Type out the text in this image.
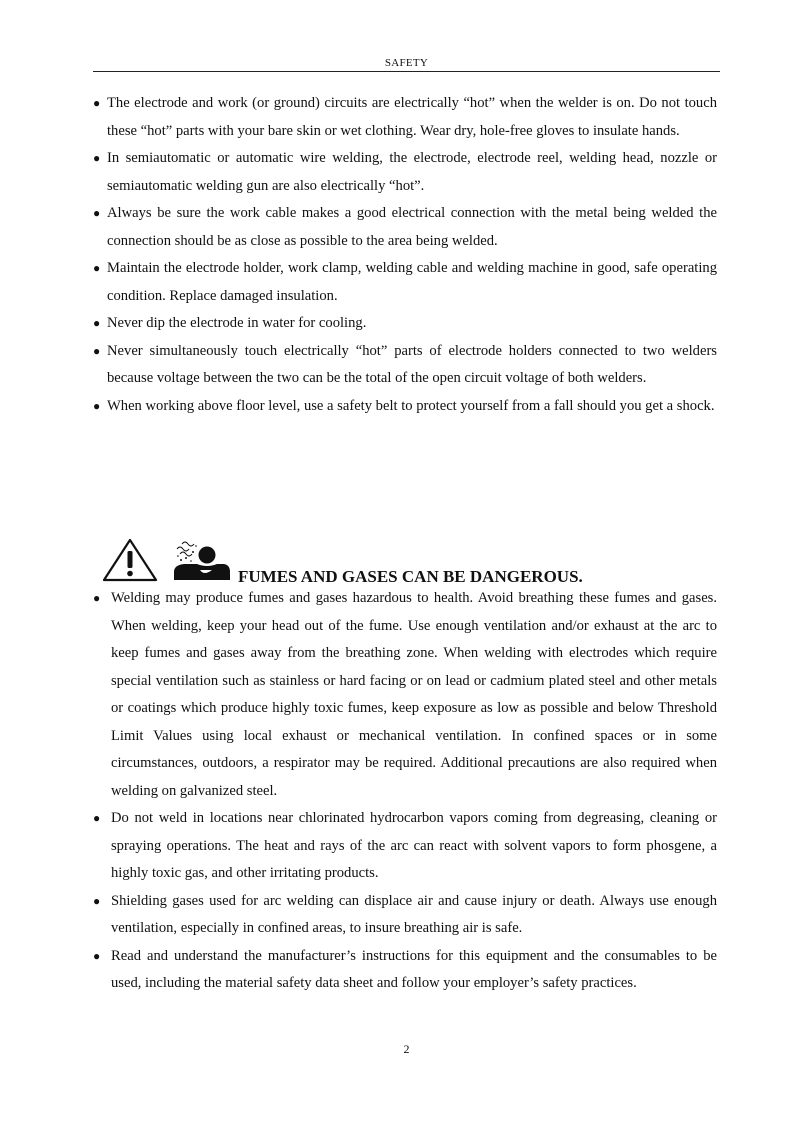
SAFETY
● The electrode and work (or ground) circuits are electrically “hot” when the welder is on. Do not touch these “hot” parts with your bare skin or wet clothing. Wear dry, hole-free gloves to insulate hands.
● In semiautomatic or automatic wire welding, the electrode, electrode reel, welding head, nozzle or semiautomatic welding gun are also electrically “hot”.
● Always be sure the work cable makes a good electrical connection with the metal being welded the connection should be as close as possible to the area being welded.
● Maintain the electrode holder, work clamp, welding cable and welding machine in good, safe operating condition. Replace damaged insulation.
● Never dip the electrode in water for cooling.
● Never simultaneously touch electrically “hot” parts of electrode holders connected to two welders because voltage between the two can be the total of the open circuit voltage of both welders.
● When working above floor level, use a safety belt to protect yourself from a fall should you get a shock.
FUMES AND GASES CAN BE DANGEROUS.
● Welding may produce fumes and gases hazardous to health. Avoid breathing these fumes and gases. When welding, keep your head out of the fume. Use enough ventilation and/or exhaust at the arc to keep fumes and gases away from the breathing zone. When welding with electrodes which require special ventilation such as stainless or hard facing or on lead or cadmium plated steel and other metals or coatings which produce highly toxic fumes, keep exposure as low as possible and below Threshold Limit Values using local exhaust or mechanical ventilation. In confined spaces or in some circumstances, outdoors, a respirator may be required. Additional precautions are also required when welding on galvanized steel.
● Do not weld in locations near chlorinated hydrocarbon vapors coming from degreasing, cleaning or spraying operations. The heat and rays of the arc can react with solvent vapors to form phosgene, a highly toxic gas, and other irritating products.
● Shielding gases used for arc welding can displace air and cause injury or death. Always use enough ventilation, especially in confined areas, to insure breathing air is safe.
● Read and understand the manufacturer’s instructions for this equipment and the consumables to be used, including the material safety data sheet and follow your employer’s safety practices.
2
